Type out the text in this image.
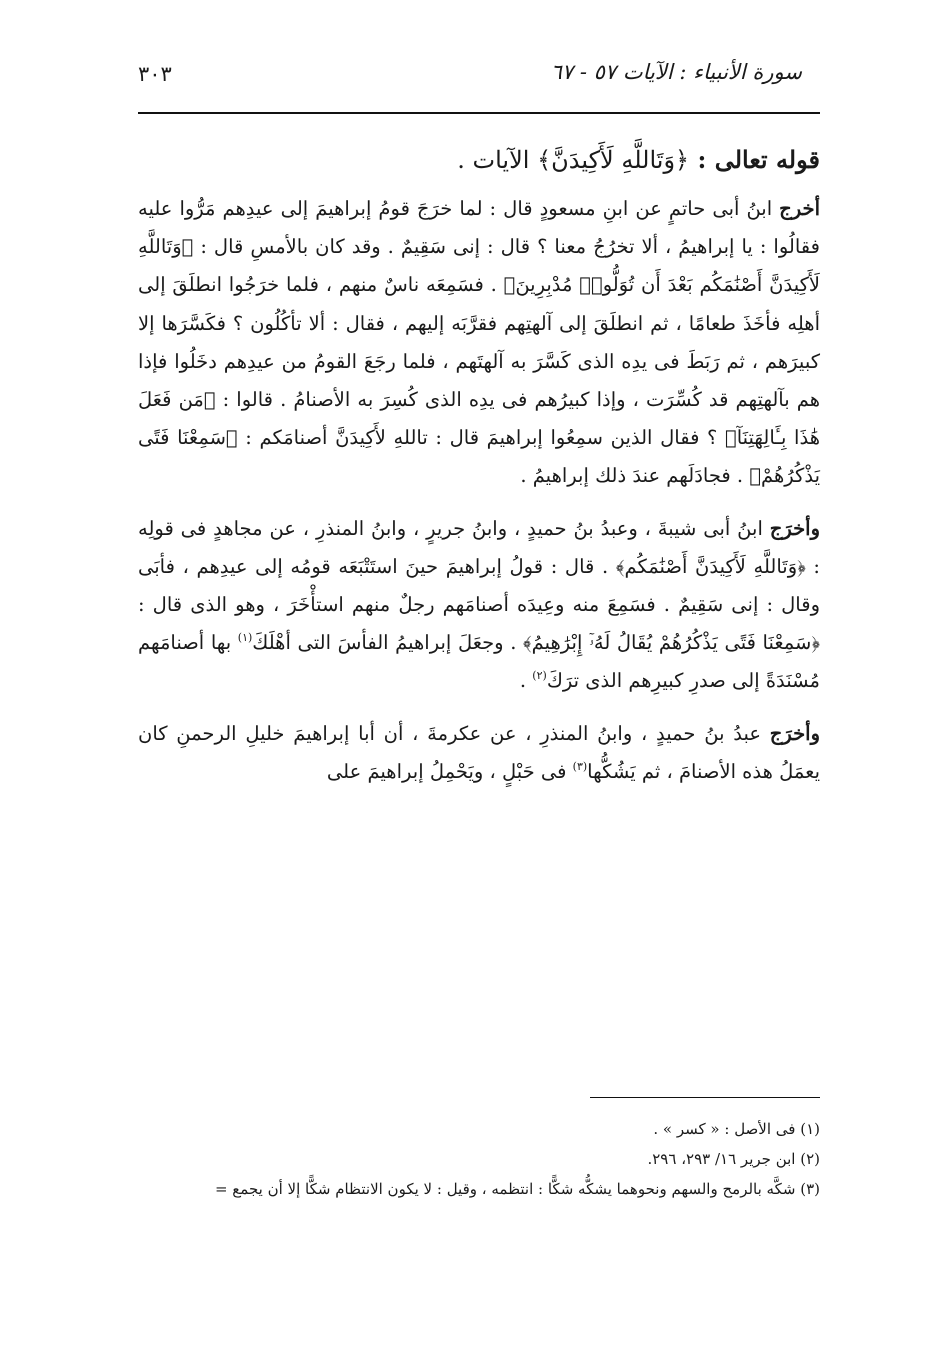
٣٠٣	سورة الأنبياء : الآيات ٥٧ - ٦٧

قوله تعالى : ﴿وَتَاللَّهِ لَأَكِيدَنَّ﴾ الآيات .

أخرج ابنُ أبى حاتمٍ عن ابنِ مسعودٍ قال : لما خرَجَ قومُ إبراهيمَ إلى عيدِهم مَرُّوا عليه فقالُوا : يا إبراهيمُ ، ألا تخرُجُ معنا ؟ قال : إنى سَقِيمٌ . وقد كان بالأمسِ قال : ﴿وَتَاللَّهِ لَأَكِيدَنَّ أَصْنَٰمَكُم بَعْدَ أَن تُوَلُّوا۟ مُدْبِرِينَ﴾ . فسَمِعَه ناسٌ منهم ، فلما خرَجُوا انطلَقَ إلى أهلِه فأخَذَ طعامًا ، ثم انطلَقَ إلى آلهتِهم فقرَّبَه إليهم ، فقال : ألا تأكُلُون ؟ فكَسَّرَها إلا كبيرَهم ، ثم رَبَطَ فى يدِه الذى كَسَّرَ به آلهتَهم ، فلما رجَعَ القومُ من عيدِهم دخَلُوا فإذا هم بآلهتِهم قد كُسِّرَت ، وإذا كبيرُهم فى يدِه الذى كُسِرَ به الأصنامُ . قالوا : ﴿مَن فَعَلَ هَٰذَا بِـَٔالِهَتِنَآ﴾ ؟ فقال الذين سمِعُوا إبراهيمَ قال : تاللهِ لأَكِيدَنَّ أصنامَكم : ﴿سَمِعْنَا فَتًى يَذْكُرُهُمْ﴾ . فجادَلَهم عندَ ذلك إبراهيمُ .

وأخرَج ابنُ أبى شيبةَ ، وعبدُ بنُ حميدٍ ، وابنُ جريرٍ ، وابنُ المنذرِ ، عن مجاهدٍ فى قولِه : ﴿وَتَاللَّهِ لَأَكِيدَنَّ أَصْنَٰمَكُم﴾ . قال : قولُ إبراهيمَ حينَ استَتْبَعَه قومُه إلى عيدِهم ، فأبَى وقال : إنى سَقِيمٌ . فسَمِعَ منه وعِيدَه أصنامَهم رجلٌ منهم استأْخَرَ ، وهو الذى قال : ﴿سَمِعْنَا فَتًى يَذْكُرُهُمْ يُقَالُ لَهُۥٓ إِبْرَٰهِيمُ﴾ . وجعَلَ إبراهيمُ الفأسَ التى أهْلَكَ$^{(١)}$ بها أصنامَهم مُسْنَدَةً إلى صدرِ كبيرِهم الذى ترَكَ$^{(٢)}$ .

وأخرَج عبدُ بنُ حميدٍ ، وابنُ المنذرِ ، عن عكرمةَ ، أن أبا إبراهيمَ خليلِ الرحمنِ كان يعمَلُ هذه الأصنامَ ، ثم يَشُكُّها$^{(٣)}$ فى حَبْلٍ ، ويَحْمِلُ إبراهيمَ على

(١) فى الأصل : « كسر » .
(٢) ابن جرير ١٦/ ٢٩٣، ٢٩٦.
(٣) شكَّه بالرمح والسهم ونحوهما يشكُّه شكًّا : انتظمه ، وقيل : لا يكون الانتظام شكًّا إلا أن يجمع =
